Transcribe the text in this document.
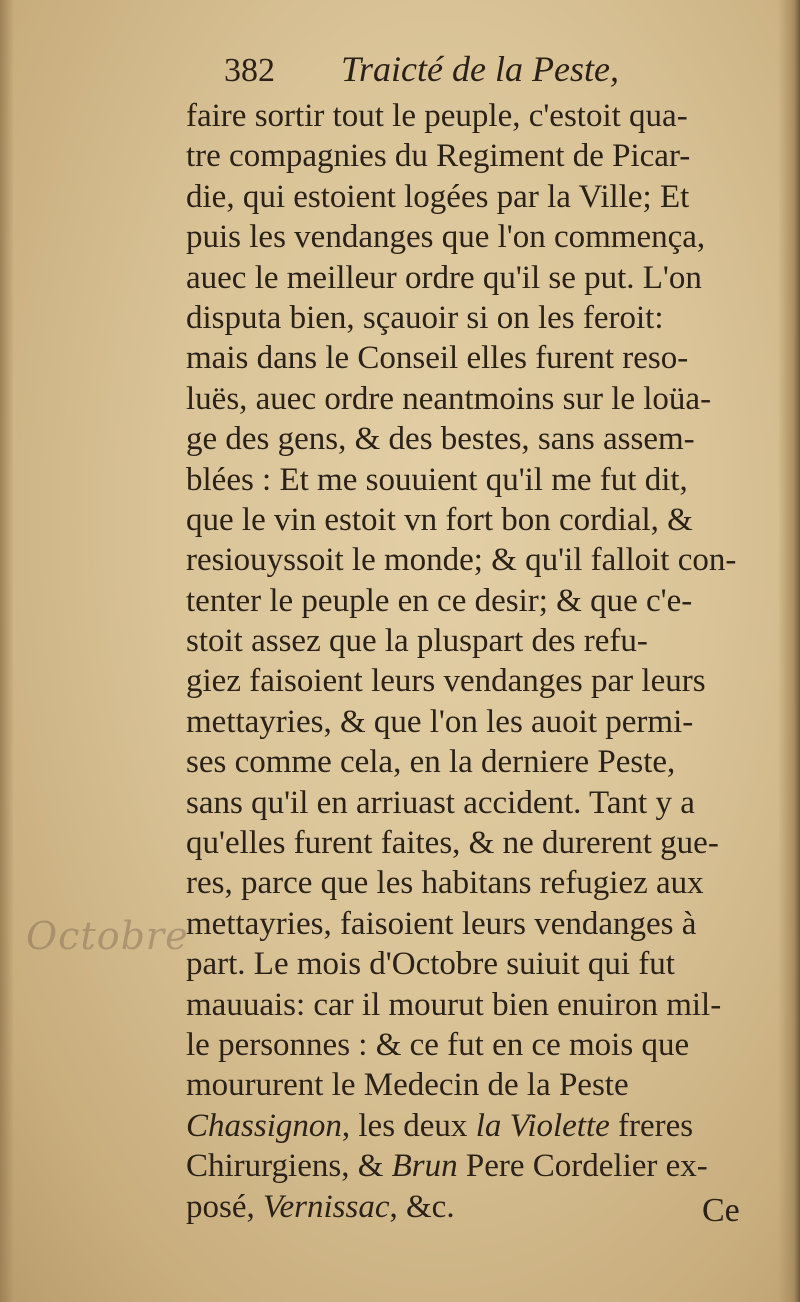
382 Traicté de la Peste,
Octobre
faire sortir tout le peuple, c'estoit qua-
tre compagnies du Regiment de Picar-
die, qui estoient logées par la Ville; Et
puis les vendanges que l'on commença,
auec le meilleur ordre qu'il se put. L'on
disputa bien, sçauoir si on les feroit:
mais dans le Conseil elles furent reso-
luës, auec ordre neantmoins sur le loüa-
ge des gens, & des bestes, sans assem-
blées : Et me souuient qu'il me fut dit,
que le vin estoit vn fort bon cordial, &
resiouyssoit le monde; & qu'il falloit con-
tenter le peuple en ce desir; & que c'e-
stoit assez que la pluspart des refu-
giez faisoient leurs vendanges par leurs
mettayries, & que l'on les auoit permi-
ses comme cela, en la derniere Peste,
sans qu'il en arriuast accident. Tant y a
qu'elles furent faites, & ne durerent gue-
res, parce que les habitans refugiez aux
mettayries, faisoient leurs vendanges à
part. Le mois d'Octobre suiuit qui fut
mauuais: car il mourut bien enuiron mil-
le personnes : & ce fut en ce mois que
moururent le Medecin de la Peste
Chassignon, les deux la Violette freres
Chirurgiens, & Brun Pere Cordelier ex-
posé, Vernissac, &c.	Ce
